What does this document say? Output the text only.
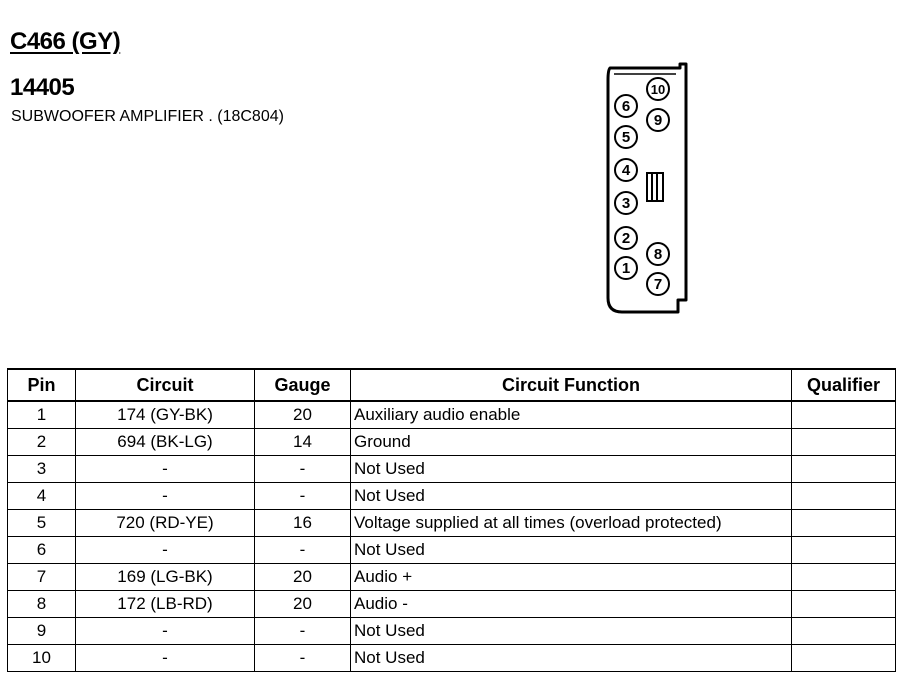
C466 (GY)
14405

SUBWOOFER AMPLIFIER . (18C804)

1
2
3
4
5
6
7
8
9
10
Pin	Circuit	Gauge	Circuit Function	Qualifier
1	174 (GY-BK)	20	Auxiliary audio enable	
2	694 (BK-LG)	14	Ground	
3	-	-	Not Used	
4	-	-	Not Used	
5	720 (RD-YE)	16	Voltage supplied at all times (overload protected)	
6	-	-	Not Used	
7	169 (LG-BK)	20	Audio +	
8	172 (LB-RD)	20	Audio -	
9	-	-	Not Used	
10	-	-	Not Used	
